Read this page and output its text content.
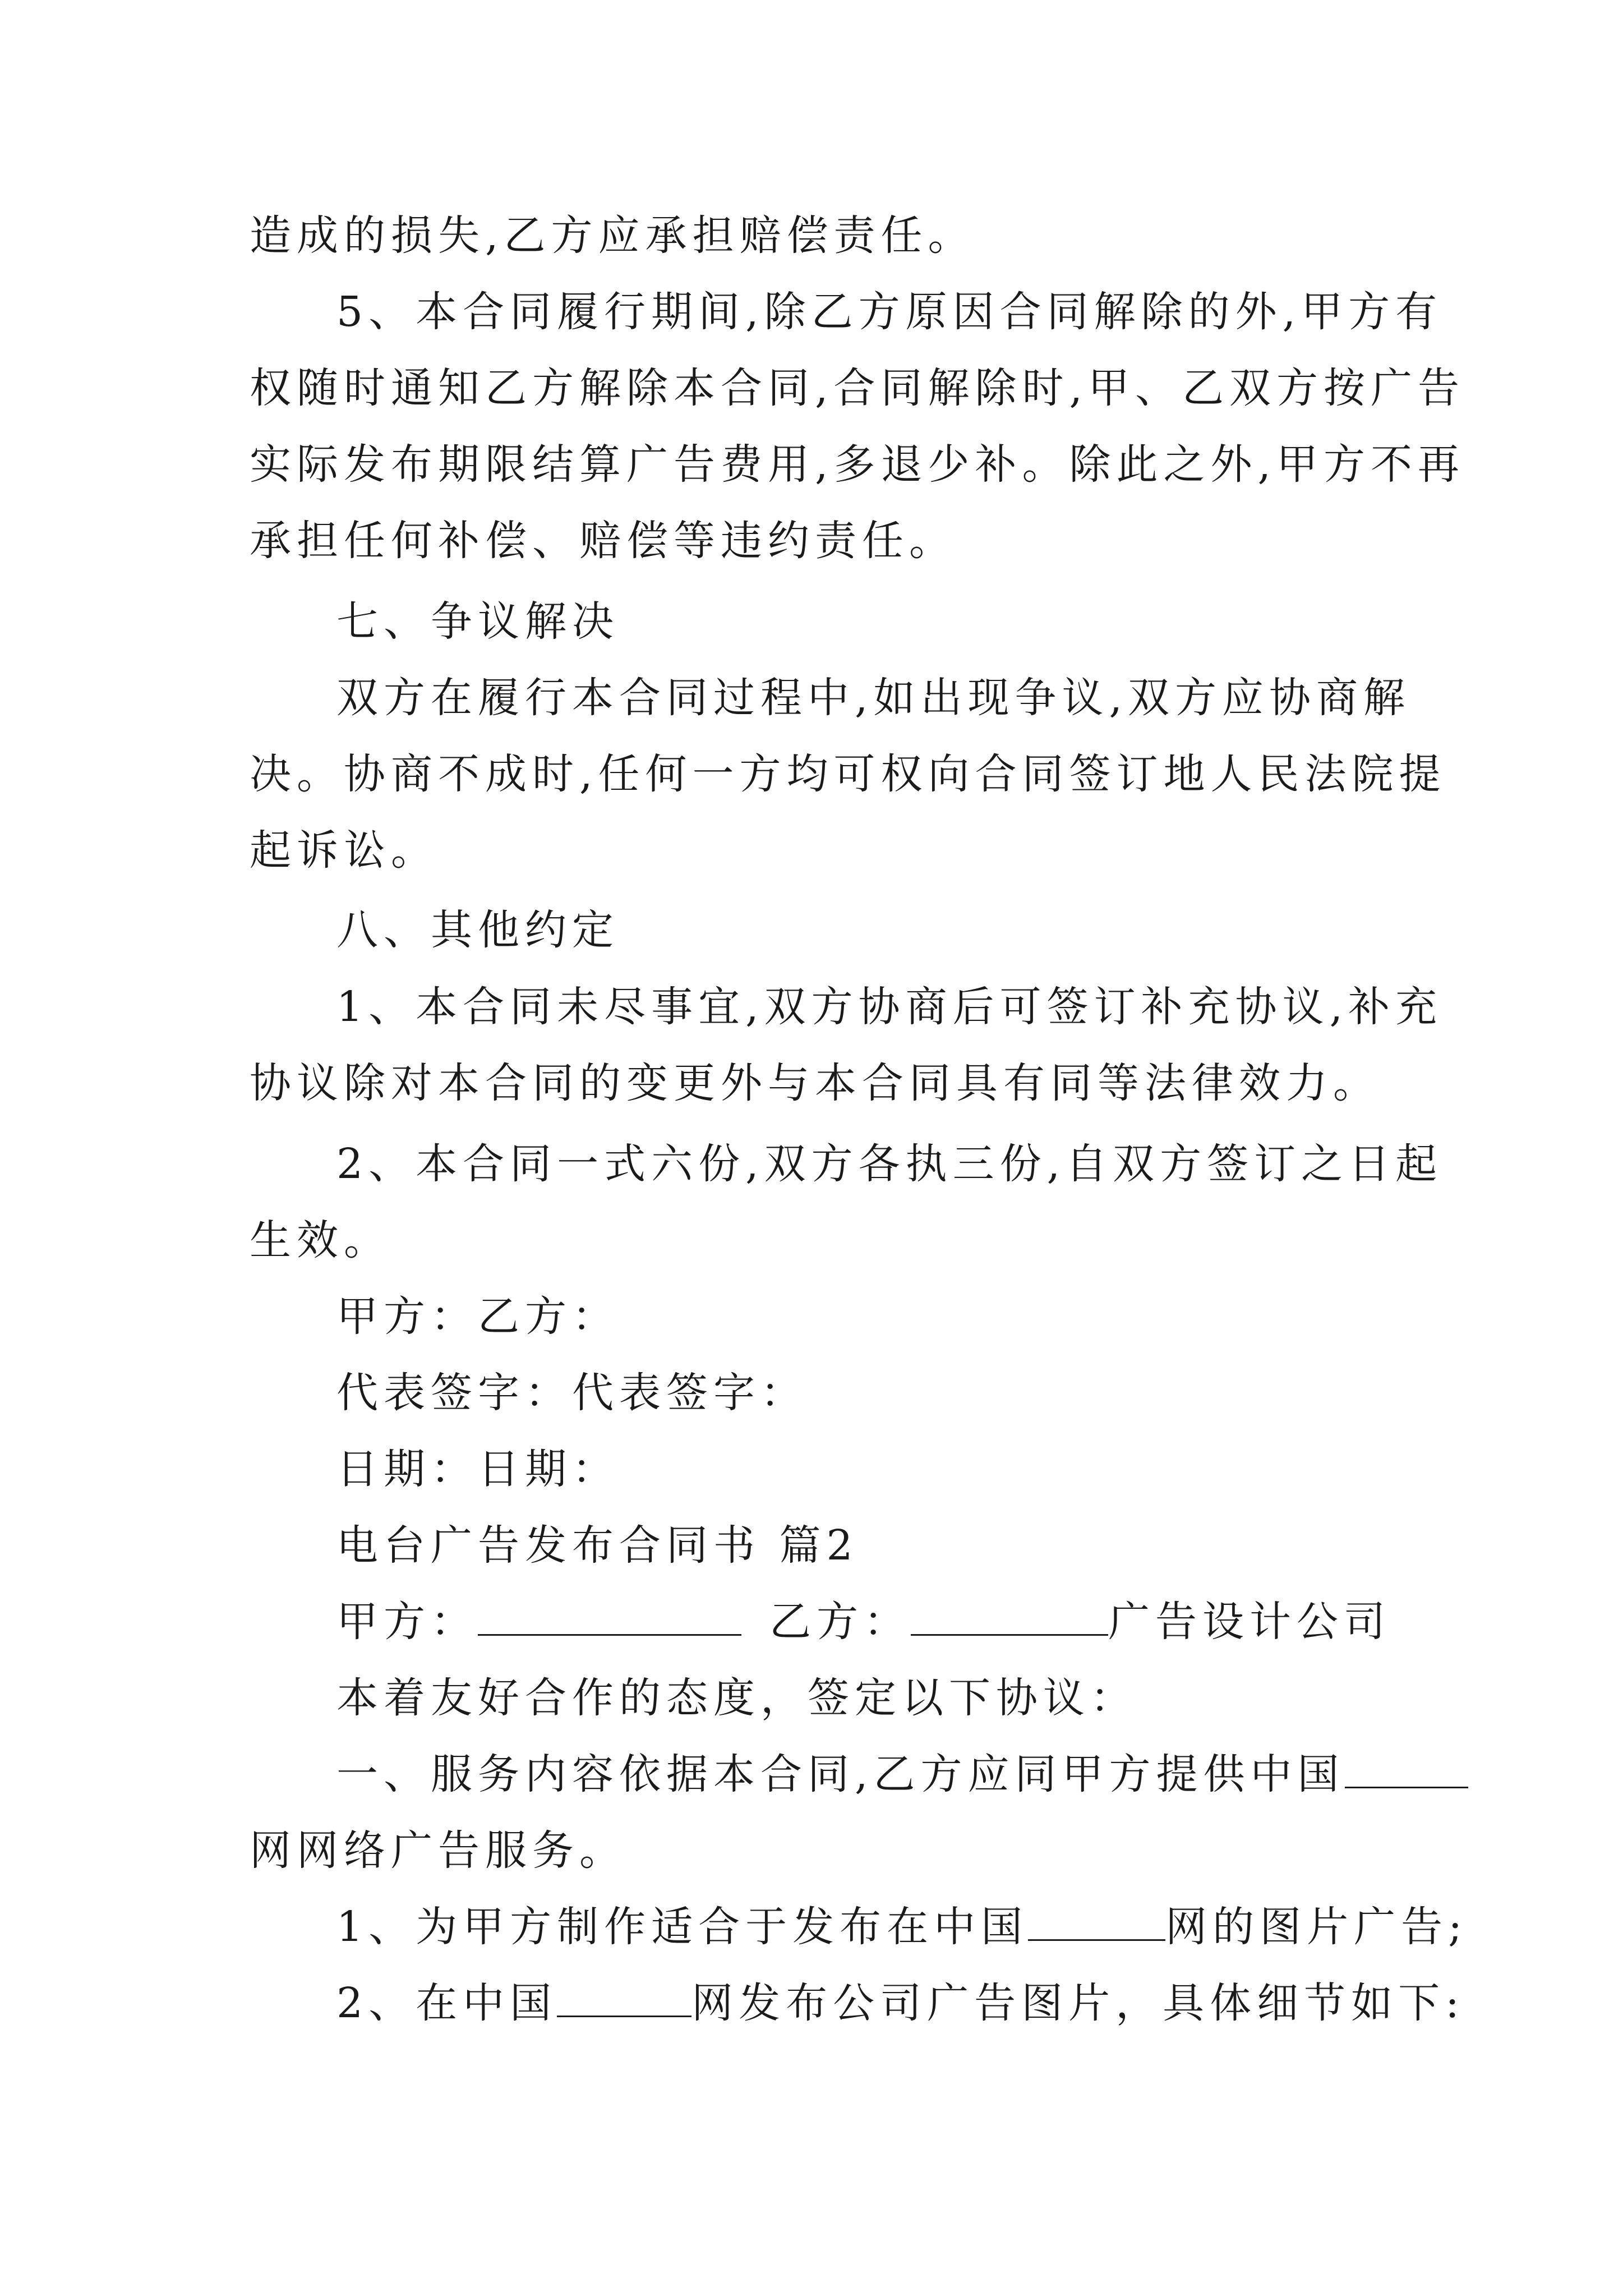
造成的损失,乙方应承担赔偿责任。
5、本合同履行期间,除乙方原因合同解除的外,甲方有
权随时通知乙方解除本合同,合同解除时,甲、乙双方按广告
实际发布期限结算广告费用,多退少补。除此之外,甲方不再
承担任何补偿、赔偿等违约责任。
七、争议解决
双方在履行本合同过程中,如出现争议,双方应协商解
决。协商不成时,任何一方均可权向合同签订地人民法院提
起诉讼。
八、其他约定
1、本合同未尽事宜,双方协商后可签订补充协议,补充
协议除对本合同的变更外与本合同具有同等法律效力。
2、本合同一式六份,双方各执三份,自双方签订之日起
生效。
甲方：乙方：
代表签字：代表签字：
日期：日期：
电台广告发布合同书 篇2
甲方：	乙方：	广告设计公司
本着友好合作的态度，签定以下协议：
一、服务内容依据本合同,乙方应同甲方提供中国
网网络广告服务。
1、为甲方制作适合于发布在中国	网的图片广告;
2、在中国	网发布公司广告图片，具体细节如下:
